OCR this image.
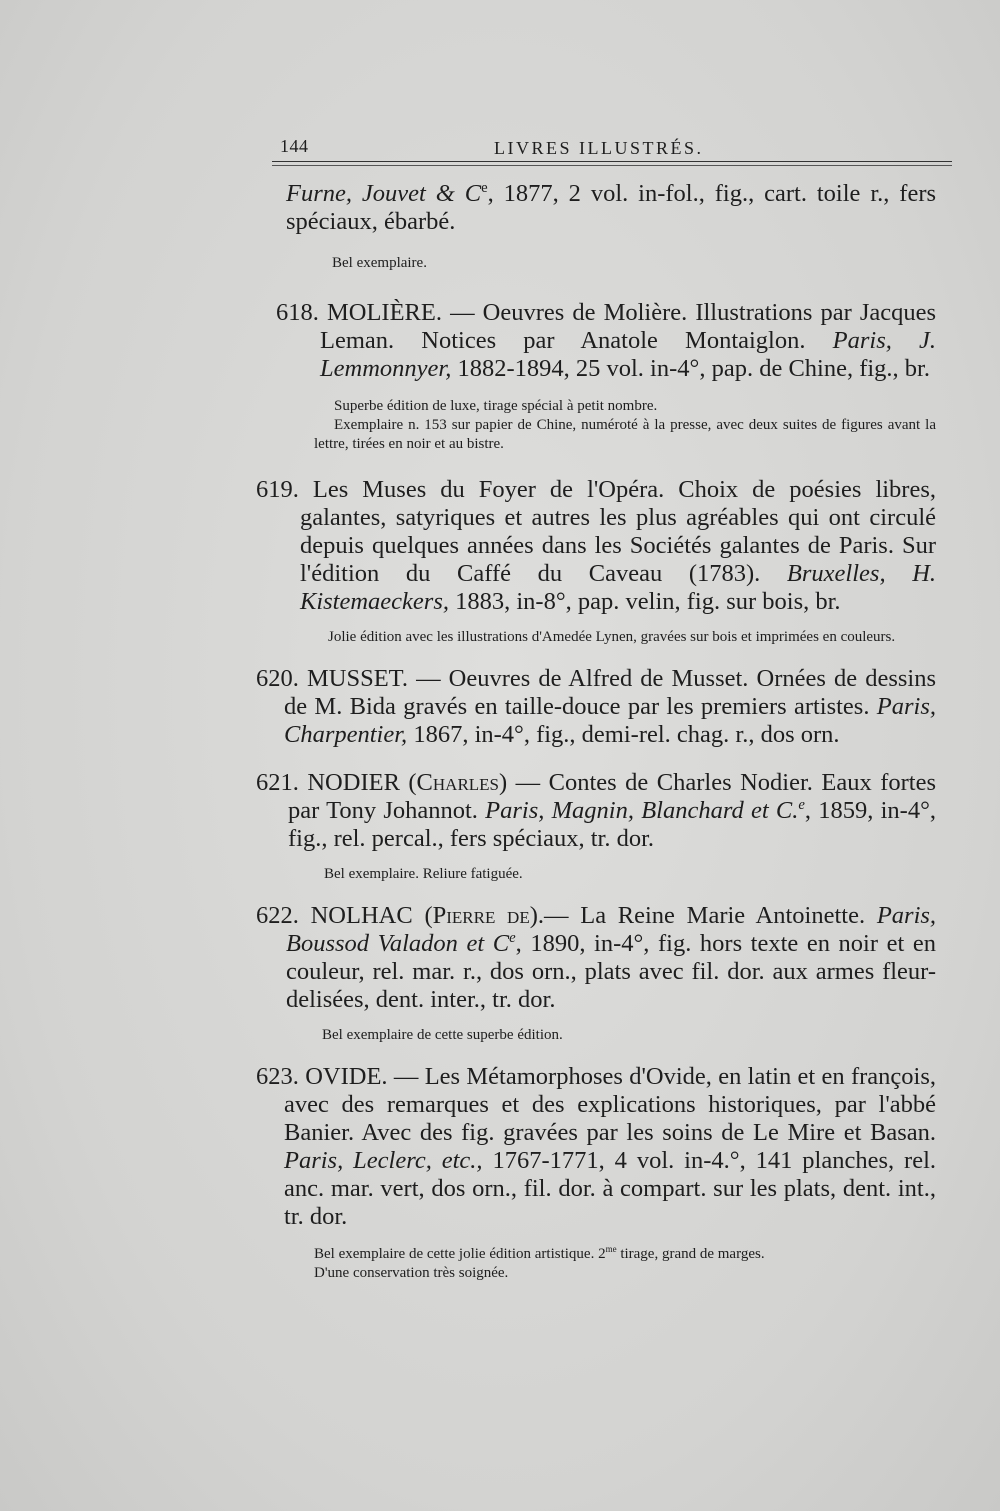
144	LIVRES ILLUSTRÉS.

Furne, Jouvet & Ce, 1877, 2 vol. in-fol., fig., cart. toile r., fers spéciaux, ébarbé.

Bel exemplaire.

618. MOLIÈRE. — Oeuvres de Molière. Illustrations par Jacques Leman. Notices par Anatole Montaiglon. Paris, J. Lemmonnyer, 1882-1894, 25 vol. in-4°, pap. de Chine, fig., br.

Superbe édition de luxe, tirage spécial à petit nombre.

Exemplaire n. 153 sur papier de Chine, numéroté à la presse, avec deux suites de figures avant la lettre, tirées en noir et au bistre.

619. Les Muses du Foyer de l'Opéra. Choix de poésies libres, galantes, satyriques et autres les plus agréables qui ont circulé depuis quelques années dans les Sociétés galantes de Paris. Sur l'édition du Caffé du Caveau (1783). Bruxelles, H. Kistemaeckers, 1883, in-8°, pap. velin, fig. sur bois, br.

Jolie édition avec les illustrations d'Amedée Lynen, gravées sur bois et imprimées en couleurs.

620. MUSSET. — Oeuvres de Alfred de Musset. Ornées de dessins de M. Bida gravés en taille-douce par les premiers artistes. Paris, Charpentier, 1867, in-4°, fig., demi-rel. chag. r., dos orn.

621. NODIER (Charles) — Contes de Charles Nodier. Eaux fortes par Tony Johannot. Paris, Magnin, Blanchard et C.$^e$, 1859, in-4°, fig., rel. percal., fers spéciaux, tr. dor.

Bel exemplaire. Reliure fatiguée.

622. NOLHAC (Pierre de).— La Reine Marie Antoinette. Paris, Boussod Valadon et Ce, 1890, in-4°, fig. hors texte en noir et en couleur, rel. mar. r., dos orn., plats avec fil. dor. aux armes fleur-delisées, dent. inter., tr. dor.

Bel exemplaire de cette superbe édition.

623. OVIDE. — Les Métamorphoses d'Ovide, en latin et en françois, avec des remarques et des explications historiques, par l'abbé Banier. Avec des fig. gravées par les soins de Le Mire et Basan. Paris, Leclerc, etc., 1767-1771, 4 vol. in-4.°, 141 planches, rel. anc. mar. vert, dos orn., fil. dor. à compart. sur les plats, dent. int., tr. dor.

Bel exemplaire de cette jolie édition artistique. $2^{me}$ tirage, grand de marges.
D'une conservation très soignée.
